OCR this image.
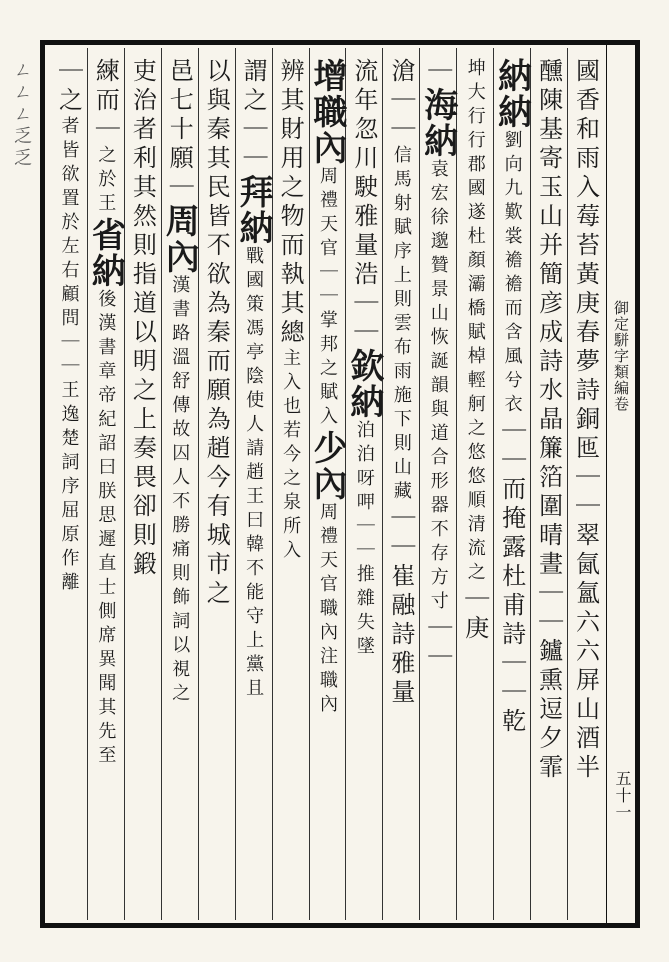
ㄥㄥㄥ乏乏
御定駢字類編卷
五十一
國香和雨入莓苔黃庚春夢詩銅匜｜｜翠氤氳六六屏山酒半
醺陳基寄玉山并簡彦成詩水晶簾箔圍晴晝｜｜鑪熏逗夕霏
納納劉向九歎裳襜襜而含風兮衣｜｜而掩露杜甫詩｜｜乾
坤大行行郡國遂杜顏灞橋賦棹輕舸之悠悠順清流之｜庚
｜海納袁宏徐邈贊景山恢誕韻與道合形器不存方寸｜｜
滄｜｜信馬射賦序上則雲布雨施下則山藏｜｜崔融詩雅量
流年忽川駛雅量浩｜｜欽納泊泊呀呷｜｜推雜失墜
增職內周禮天官｜｜掌邦之賦入少內周禮天官職內注職內
辨其財用之物而執其總主入也若今之泉所入
謂之｜｜拜納戰國策馮亭陰使人請趙王曰韓不能守上黨且
以與秦其民皆不欲為秦而願為趙今有城市之
邑七十願｜周內漢書路溫舒傳故囚人不勝痛則飾詞以視之
吏治者利其然則指道以明之上奏畏卻則鍛
練而｜之於王省納後漢書章帝紀詔曰朕思遲直士側席異聞其先至
｜之者皆欲置於左右顧問｜｜王逸楚詞序屈原作離
